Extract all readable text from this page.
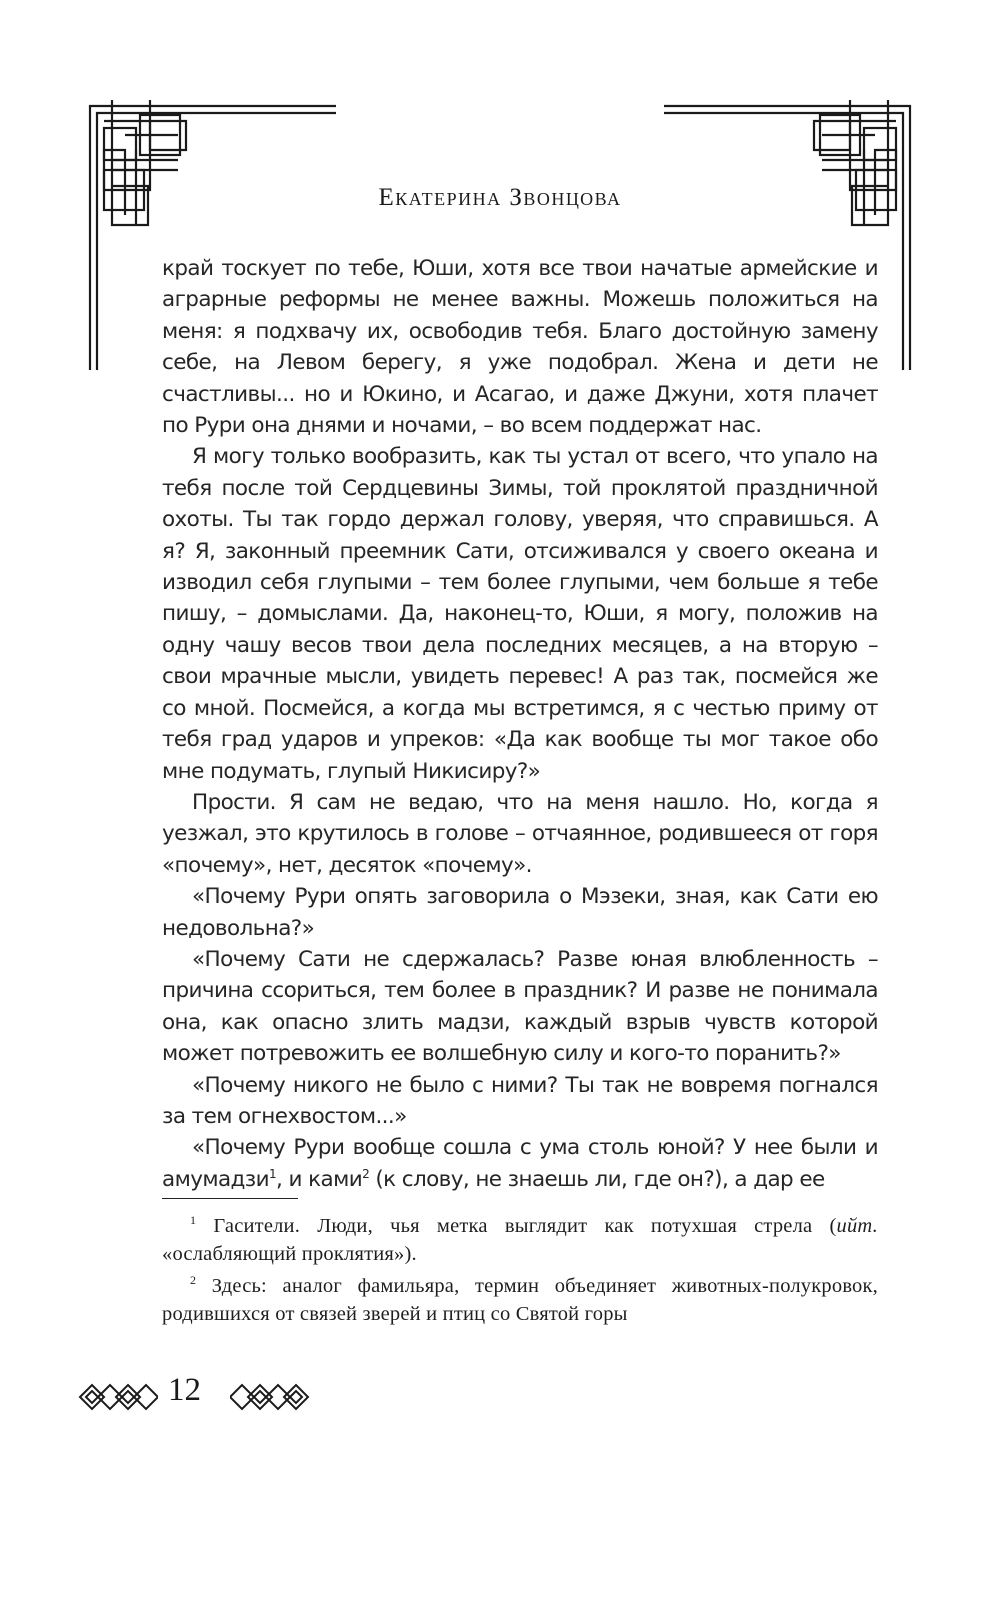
Екатерина Звонцова

край тоскует по тебе, Юши, хотя все твои начатые армейские и аграрные реформы не менее важны. Можешь положиться на меня: я подхвачу их, освободив тебя. Благо достойную замену себе, на Левом берегу, я уже подобрал. Жена и дети не счастливы... но и Юкино, и Асагао, и даже Джуни, хотя плачет по Рури она днями и ночами, – во всем поддержат нас.

Я могу только вообразить, как ты устал от всего, что упало на тебя после той Сердцевины Зимы, той проклятой праздничной охоты. Ты так гордо держал голову, уверяя, что справишься. А я? Я, законный преемник Сати, отсиживался у своего океана и изводил себя глупыми – тем более глупыми, чем больше я тебе пишу, – домыслами. Да, наконец-то, Юши, я могу, положив на одну чашу весов твои дела последних месяцев, а на вторую – свои мрачные мысли, увидеть перевес! А раз так, посмейся же со мной. Посмейся, а когда мы встретимся, я с честью приму от тебя град ударов и упреков: «Да как вообще ты мог такое обо мне подумать, глупый Никисиру?»

Прости. Я сам не ведаю, что на меня нашло. Но, когда я уезжал, это крутилось в голове – отчаянное, родившееся от горя «почему», нет, десяток «почему».

«Почему Рури опять заговорила о Мэзеки, зная, как Сати ею недовольна?»

«Почему Сати не сдержалась? Разве юная влюбленность – причина ссориться, тем более в праздник? И разве не понимала она, как опасно злить мадзи, каждый взрыв чувств которой может потревожить ее волшебную силу и кого-то поранить?»

«Почему никого не было с ними? Ты так не вовремя погнался за тем огнехвостом...»

«Почему Рури вообще сошла с ума столь юной? У нее были и амумадзи$^1$, и ками$^2$ (к слову, не знаешь ли, где он?), а дар ее

$^1$ Гасители. Люди, чья метка выглядит как потухшая стрела (ийт. «ослабляющий проклятия»).

$^2$ Здесь: аналог фамильяра, термин объединяет животных-полукровок, родившихся от связей зверей и птиц со Святой горы

12
